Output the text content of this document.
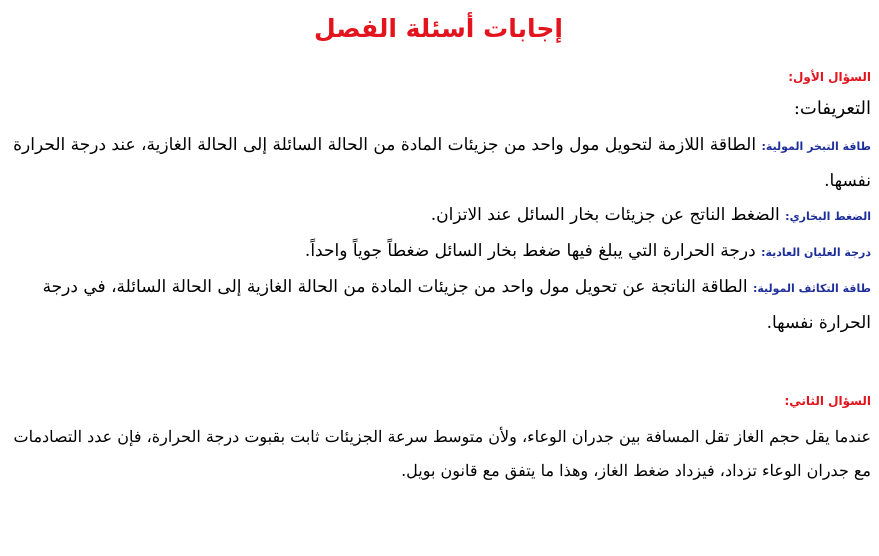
إجابات أسئلة الفصل
السؤال الأول:
التعريفات:

طاقة التبخر المولية: الطاقة اللازمة لتحويل مول واحد من جزيئات المادة من الحالة السائلة إلى الحالة الغازية، عند درجة الحرارة نفسها.

الضغط البخاري: الضغط الناتج عن جزيئات بخار السائل عند الاتزان.

درجة الغليان العادية: درجة الحرارة التي يبلغ فيها ضغط بخار السائل ضغطاً جوياً واحداً.

طاقة التكاثف المولية: الطاقة الناتجة عن تحويل مول واحد من جزيئات المادة من الحالة الغازية إلى الحالة السائلة، في درجة الحرارة نفسها.

السؤال الثاني:

عندما يقل حجم الغاز تقل المسافة بين جدران الوعاء، ولأن متوسط سرعة الجزيئات ثابت بقبوت درجة الحرارة، فإن عدد التصادمات مع جدران الوعاء تزداد، فيزداد ضغط الغاز، وهذا ما يتفق مع قانون بويل.
